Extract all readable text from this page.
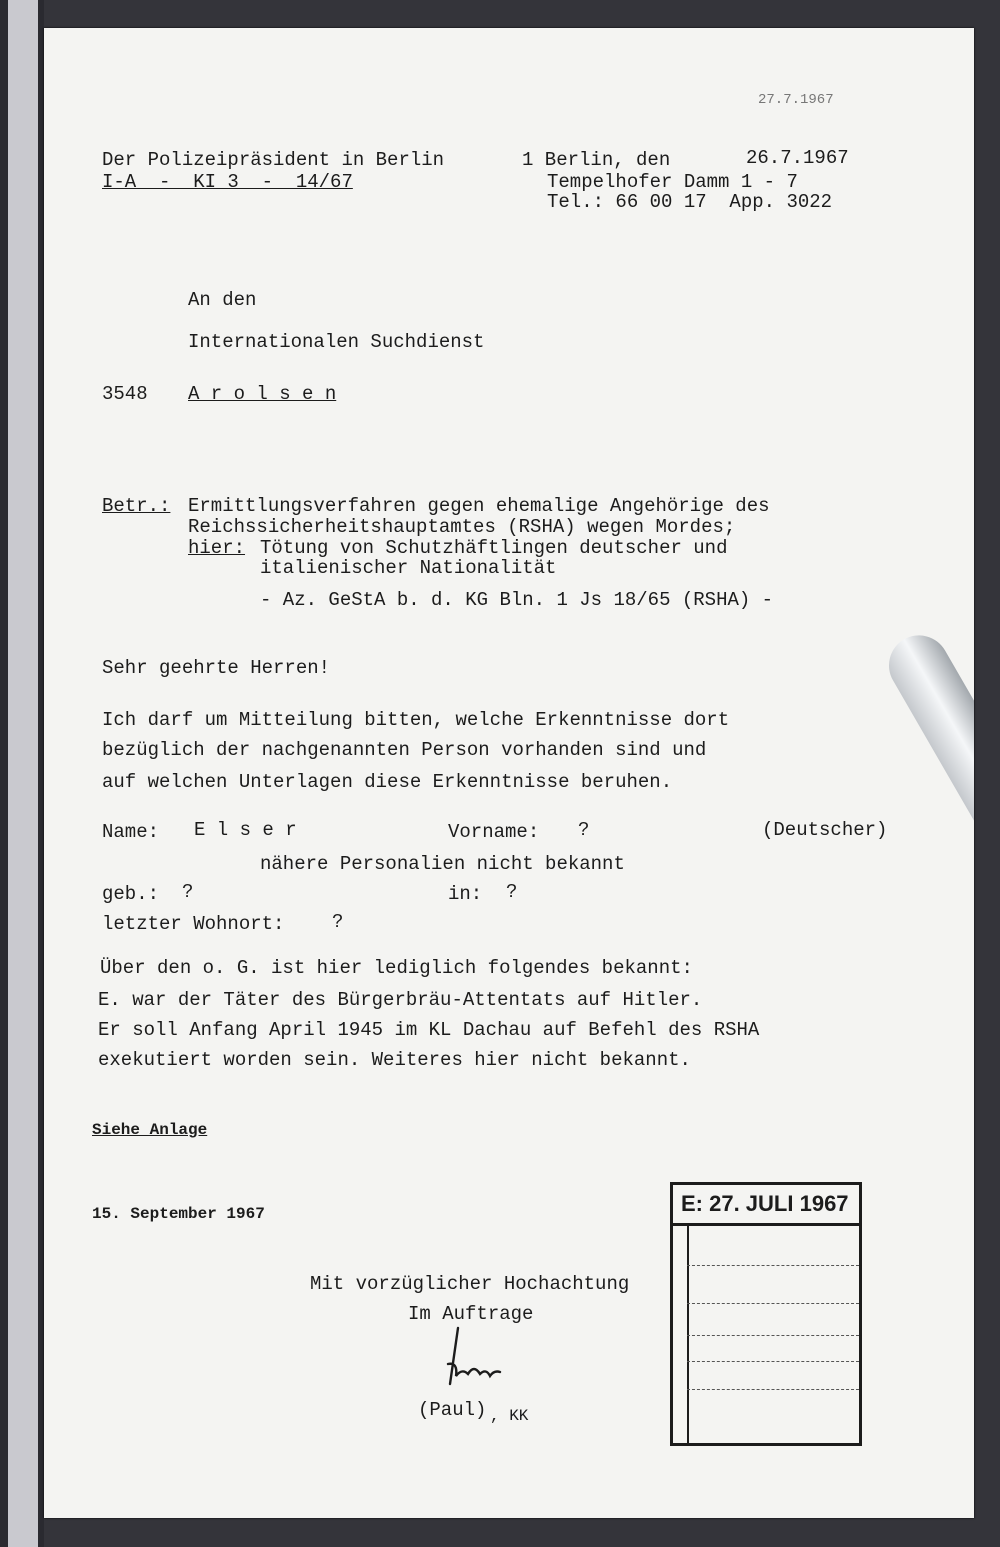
27.7.1967
Der Polizeipräsident in Berlin
I-A  -  KI 3  -  14/67
1 Berlin, den	26.7.1967
Tempelhofer Damm 1 - 7
Tel.: 66 00 17  App. 3022
An den
Internationalen Suchdienst
3548 A r o l s e n
Betr.: Ermittlungsverfahren gegen ehemalige Angehörige des
Reichssicherheitshauptamtes (RSHA) wegen Mordes;
hier: Tötung von Schutzhäftlingen deutscher und
italienischer Nationalität
- Az. GeStA b. d. KG Bln. 1 Js 18/65 (RSHA) -
Sehr geehrte Herren!
Ich darf um Mitteilung bitten, welche Erkenntnisse dort
bezüglich der nachgenannten Person vorhanden sind und
auf welchen Unterlagen diese Erkenntnisse beruhen.
Name: E l s e r	Vorname: ?	(Deutscher)
nähere Personalien nicht bekannt
geb.: ?	in: ?
letzter Wohnort:	?
Über den o. G. ist hier lediglich folgendes bekannt:
E. war der Täter des Bürgerbräu-Attentats auf Hitler.
Er soll Anfang April 1945 im KL Dachau auf Befehl des RSHA
exekutiert worden sein. Weiteres hier nicht bekannt.
Siehe Anlage
15. September 1967
Mit vorzüglicher Hochachtung
Im Auftrage
(Paul) , KK
E: 27. JULI 1967
